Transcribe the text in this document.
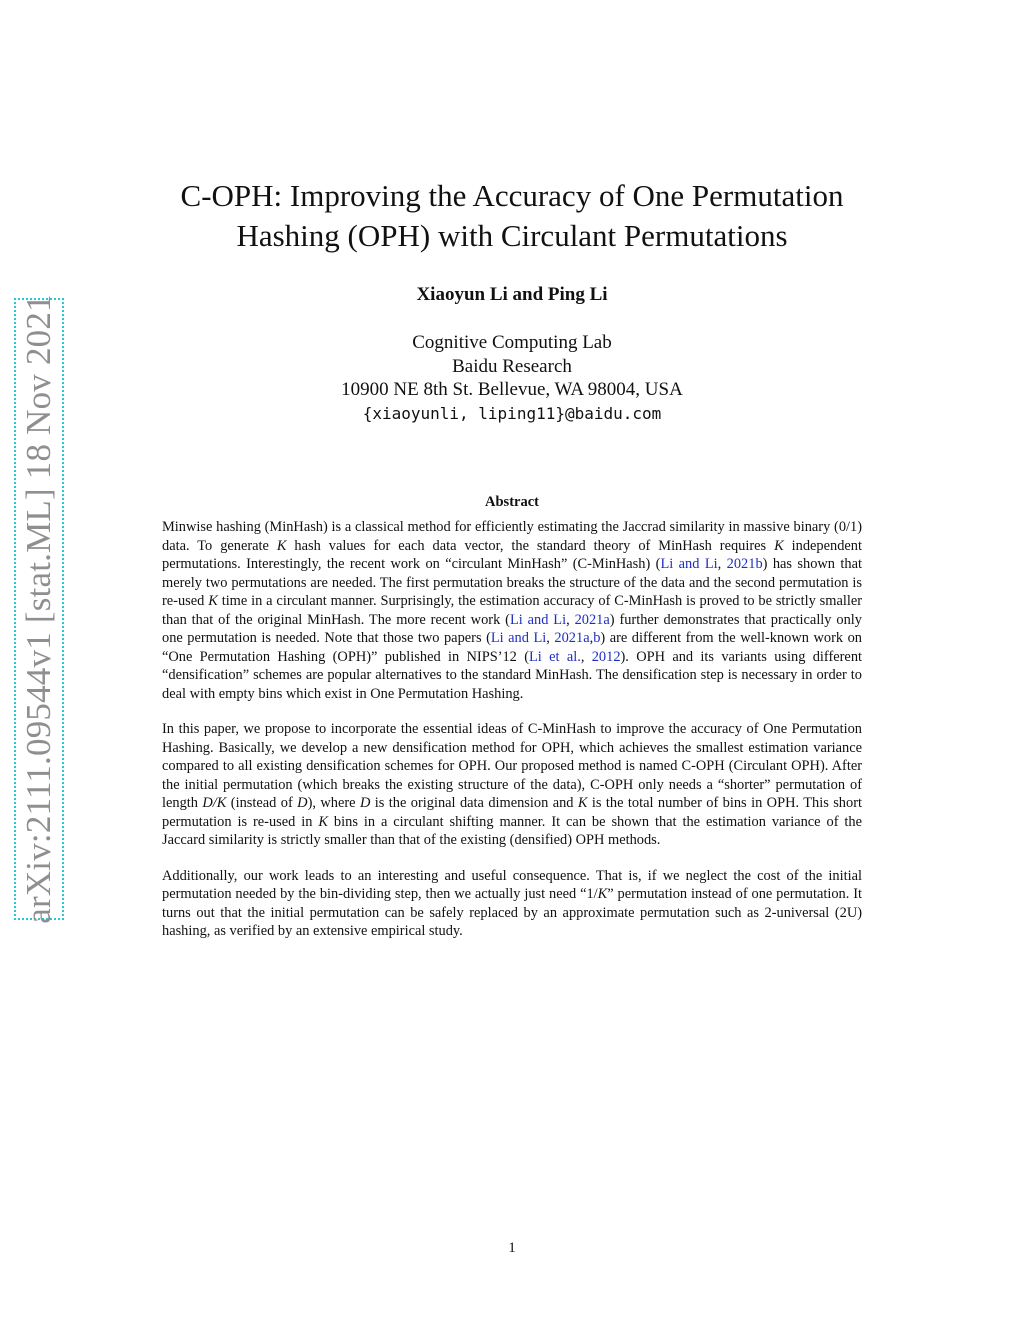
arXiv:2111.09544v1 [stat.ML] 18 Nov 2021
C-OPH: Improving the Accuracy of One Permutation
Hashing (OPH) with Circulant Permutations
Xiaoyun Li and Ping Li
Cognitive Computing Lab
Baidu Research
10900 NE 8th St. Bellevue, WA 98004, USA
{xiaoyunli, liping11}@baidu.com
Abstract

Minwise hashing (MinHash) is a classical method for efficiently estimating the Jaccrad similarity in massive binary (0/1) data. To generate K hash values for each data vector, the standard theory of MinHash requires K independent permutations. Interestingly, the recent work on “circulant MinHash” (C-MinHash) (Li and Li, 2021b) has shown that merely two permutations are needed. The first permutation breaks the structure of the data and the second permutation is re-used K time in a circulant manner. Surprisingly, the estimation accuracy of C-MinHash is proved to be strictly smaller than that of the original MinHash. The more recent work (Li and Li, 2021a) further demonstrates that practically only one permutation is needed. Note that those two papers (Li and Li, 2021a,b) are different from the well-known work on “One Permutation Hashing (OPH)” published in NIPS’12 (Li et al., 2012). OPH and its variants using different “densification” schemes are popular alternatives to the standard MinHash. The densification step is necessary in order to deal with empty bins which exist in One Permutation Hashing.

In this paper, we propose to incorporate the essential ideas of C-MinHash to improve the accuracy of One Permutation Hashing. Basically, we develop a new densification method for OPH, which achieves the smallest estimation variance compared to all existing densification schemes for OPH. Our proposed method is named C-OPH (Circulant OPH). After the initial permutation (which breaks the existing structure of the data), C-OPH only needs a “shorter” permutation of length D/K (instead of D), where D is the original data dimension and K is the total number of bins in OPH. This short permutation is re-used in K bins in a circulant shifting manner. It can be shown that the estimation variance of the Jaccard similarity is strictly smaller than that of the existing (densified) OPH methods.

Additionally, our work leads to an interesting and useful consequence. That is, if we neglect the cost of the initial permutation needed by the bin-dividing step, then we actually just need “1/K” permutation instead of one permutation. It turns out that the initial permutation can be safely replaced by an approximate permutation such as 2-universal (2U) hashing, as verified by an extensive empirical study.

1
